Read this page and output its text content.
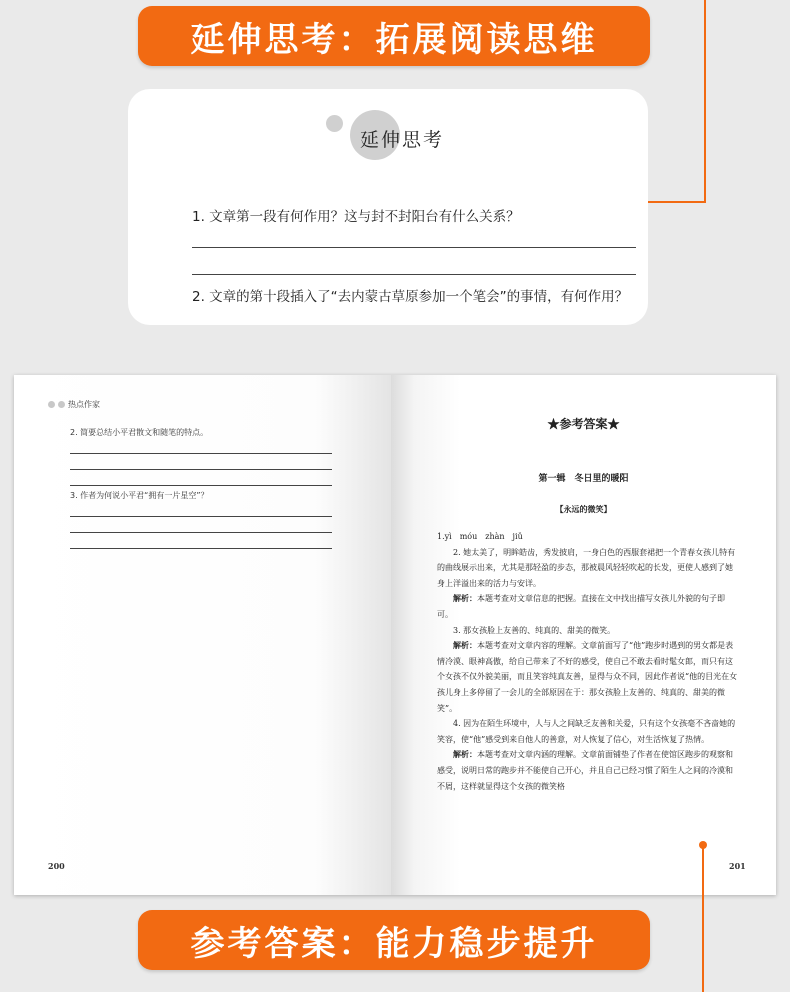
延伸思考：拓展阅读思维
延伸思考
1. 文章第一段有何作用？这与封不封阳台有什么关系？
2. 文章的第十段插入了“去内蒙古草原参加一个笔会”的事情，有何作用？
热点作家
2. 简要总结小平君散文和随笔的特点。
3. 作者为何说小平君“拥有一片星空”？
200
★参考答案★
第一辑　冬日里的暖阳
【永远的微笑】

1.yì　móu　zhàn　jiǔ

2. 她太美了，明眸皓齿，秀发披肩，一身白色的西服套裙把一个青春女孩儿特有的曲线展示出来，尤其是那轻盈的步态，那被晨风轻轻吹起的长发，更使人感到了她身上洋溢出来的活力与安详。

解析：本题考查对文章信息的把握。直接在文中找出描写女孩儿外貌的句子即可。

3. 那女孩脸上友善的、纯真的、甜美的微笑。

解析：本题考查对文章内容的理解。文章前面写了“他”跑步时遇到的男女都是表情冷漠、眼神高傲，给自己带来了不好的感受，使自己不敢去看时髦女郎，而只有这个女孩不仅外貌美丽，而且笑容纯真友善，显得与众不同，因此作者说“他的目光在女孩儿身上多停留了一会儿的全部原因在于：那女孩脸上友善的、纯真的、甜美的微笑”。

4. 因为在陌生环境中，人与人之间缺乏友善和关爱，只有这个女孩毫不吝啬她的笑容，使“他”感受到来自他人的善意，对人恢复了信心，对生活恢复了热情。

解析：本题考查对文章内涵的理解。文章前面铺垫了作者在使馆区跑步的观察和感受，说明日常的跑步并不能使自己开心，并且自己已经习惯了陌生人之间的冷漠和不屑，这样就显得这个女孩的微笑格

201
参考答案：能力稳步提升
